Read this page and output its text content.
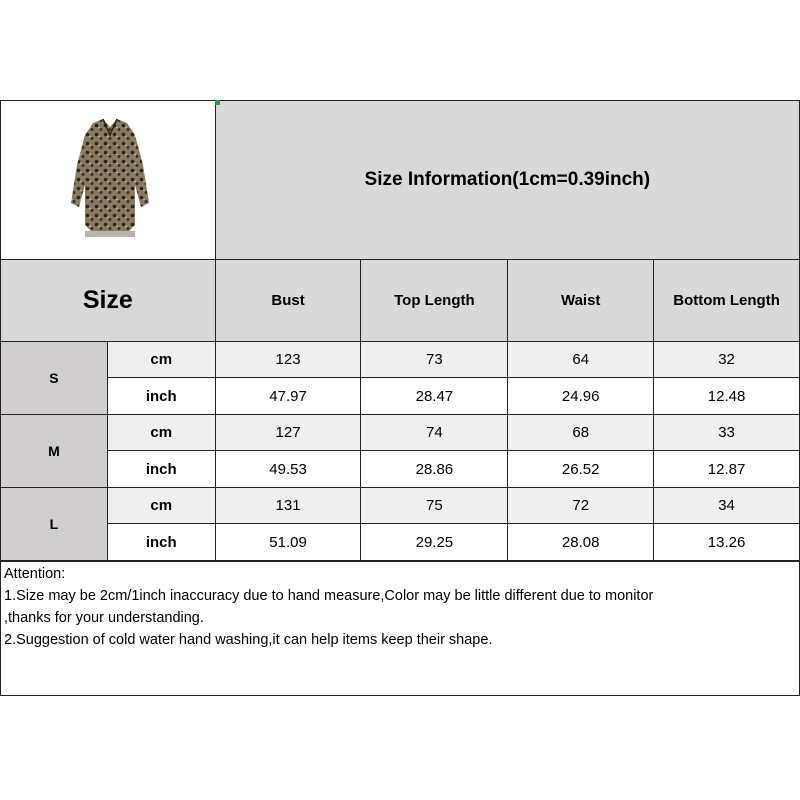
	Size Information(1cm=0.39inch)			
Size		Bust	Top Length	Waist	Bottom Length
S	cm	123	73	64	32
	inch	47.97	28.47	24.96	12.48
M	cm	127	74	68	33
	inch	49.53	28.86	26.52	12.87
L	cm	131	75	72	34
	inch	51.09	29.25	28.08	13.26

Attention:

1.Size may be 2cm/1inch inaccuracy due to hand measure,Color may be little different due to monitor

,thanks for your understanding.

2.Suggestion of cold water hand washing,it can help items keep their shape.
